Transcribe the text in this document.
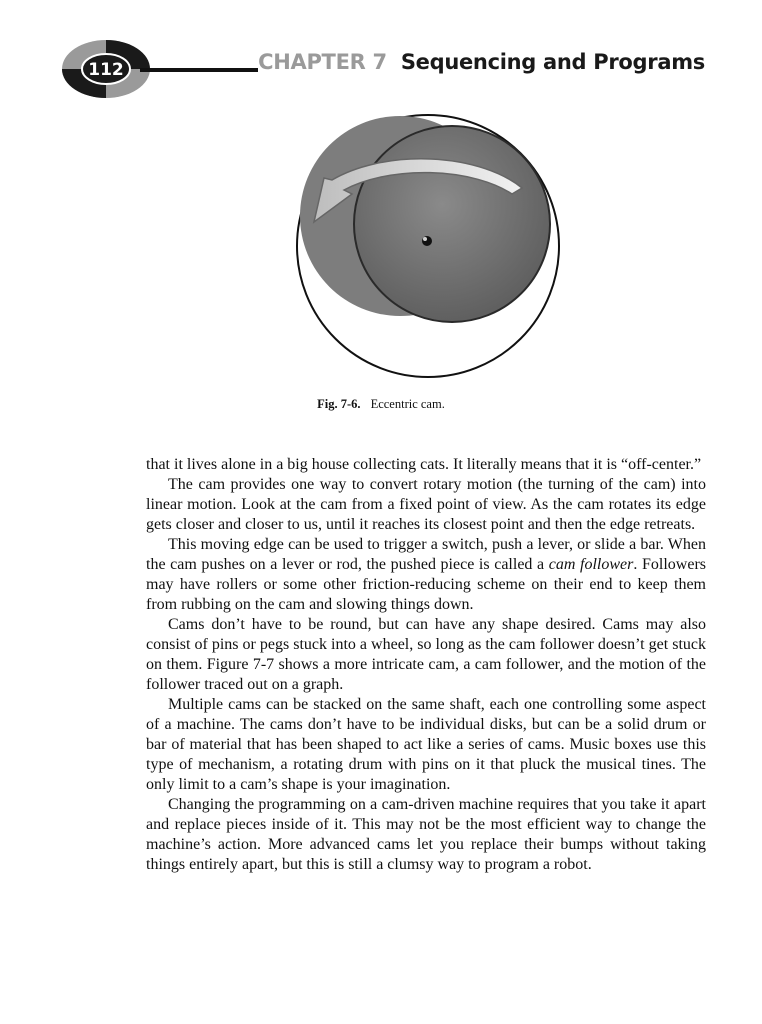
112	CHAPTER 7 Sequencing and Programs
Fig. 7-6. Eccentric cam.

that it lives alone in a big house collecting cats. It literally means that it is “off-center.”

The cam provides one way to convert rotary motion (the turning of the cam) into linear motion. Look at the cam from a fixed point of view. As the cam rotates its edge gets closer and closer to us, until it reaches its closest point and then the edge retreats.

This moving edge can be used to trigger a switch, push a lever, or slide a bar. When the cam pushes on a lever or rod, the pushed piece is called a cam follower. Followers may have rollers or some other friction-reducing scheme on their end to keep them from rubbing on the cam and slowing things down.

Cams don’t have to be round, but can have any shape desired. Cams may also consist of pins or pegs stuck into a wheel, so long as the cam follower doesn’t get stuck on them. Figure 7-7 shows a more intricate cam, a cam follower, and the motion of the follower traced out on a graph.

Multiple cams can be stacked on the same shaft, each one controlling some aspect of a machine. The cams don’t have to be individual disks, but can be a solid drum or bar of material that has been shaped to act like a series of cams. Music boxes use this type of mechanism, a rotating drum with pins on it that pluck the musical tines. The only limit to a cam’s shape is your imagination.

Changing the programming on a cam-driven machine requires that you take it apart and replace pieces inside of it. This may not be the most efficient way to change the machine’s action. More advanced cams let you replace their bumps without taking things entirely apart, but this is still a clumsy way to program a robot.
